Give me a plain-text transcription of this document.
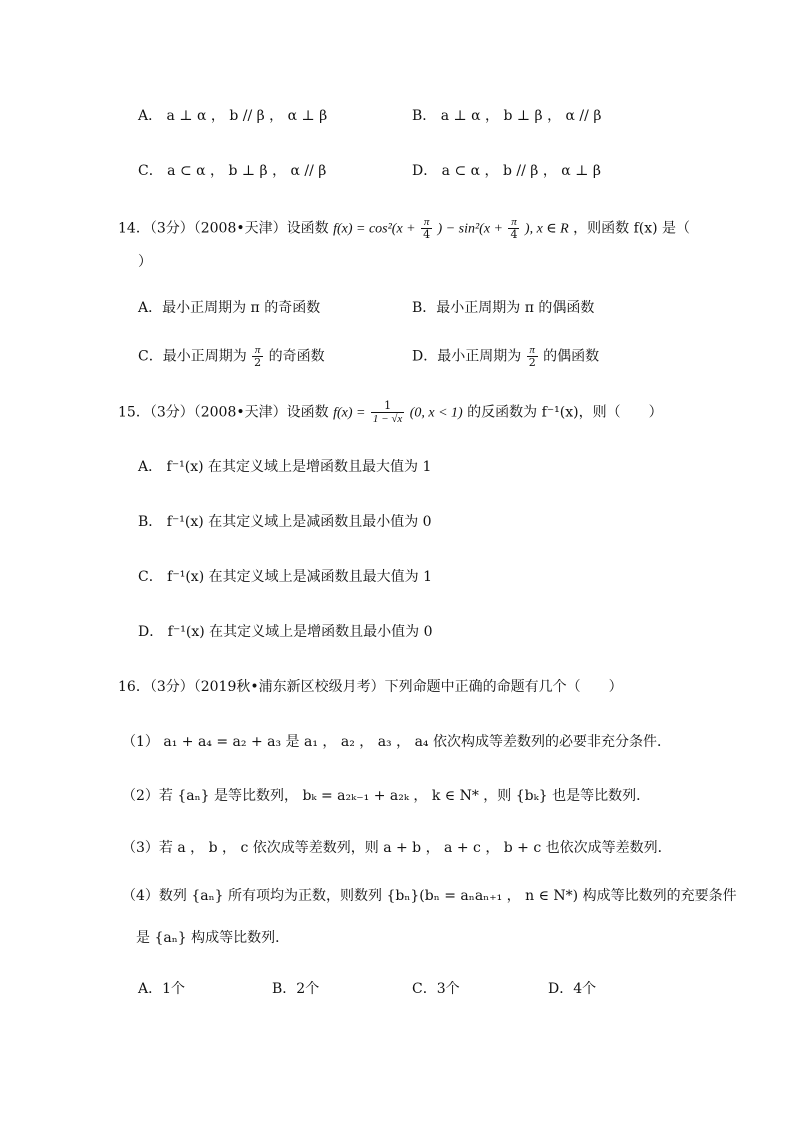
A． a ⊥ α ， b // β ， α ⊥ β	B． a ⊥ α ， b ⊥ β ， α // β
C． a ⊂ α ， b ⊥ β ， α // β	D． a ⊂ α ， b // β ， α ⊥ β
14．（3分）（2008•天津）设函数 $f(x) = \cos^2(x + \frac{\pi}{4}$ ) − $\sin^2(x + \frac{\pi}{4}$ ), x ∈ R ，则函数 f(x) 是（
）
A．最小正周期为 π 的奇函数	B．最小正周期为 π 的偶函数
C．最小正周期为 $\frac{\pi}{2}$ 的奇函数	D．最小正周期为 $\frac{\pi}{2}$ 的偶函数
15．（3分）（2008•天津）设函数 $f(x) = \frac{1}{1 - √x} (0$, x < 1) 的反函数为 f⁻¹(x)，则（　　）
A． f⁻¹(x) 在其定义域上是增函数且最大值为 1
B． f⁻¹(x) 在其定义域上是减函数且最小值为 0
C． f⁻¹(x) 在其定义域上是减函数且最大值为 1
D． f⁻¹(x) 在其定义域上是增函数且最小值为 0
16．（3分）（2019秋•浦东新区校级月考）下列命题中正确的命题有几个（　　）
（1） a₁ + a₄ = a₂ + a₃ 是 a₁ ， a₂ ， a₃ ， a₄ 依次构成等差数列的必要非充分条件．
（2）若 {aₙ} 是等比数列， bₖ = a₂ₖ₋₁ + a₂ₖ ， k ∈ N* ，则 {bₖ} 也是等比数列．
（3）若 a ， b ， c 依次成等差数列，则 a + b ， a + c ， b + c 也依次成等差数列．
（4）数列 {aₙ} 所有项均为正数，则数列 {bₙ}(bₙ = aₙaₙ₊₁ ， n ∈ N*) 构成等比数列的充要条件
是 {aₙ} 构成等比数列．
A．1个	B．2个	C．3个	D．4个
